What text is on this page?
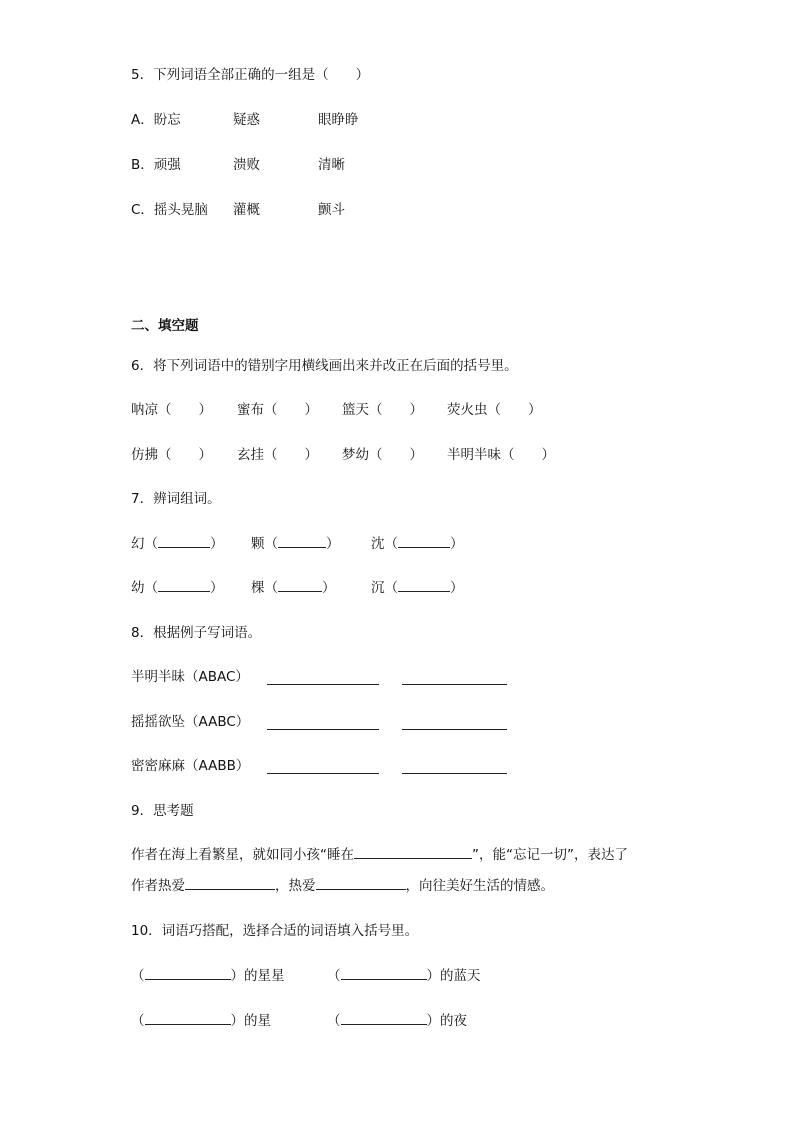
5．下列词语全部正确的一组是（　　）
A．盼忘	疑惑	眼睁睁
B．顽强	溃败	清晰
C．摇头晃脑 灌概	颤斗
二、填空题
6．将下列词语中的错别字用横线画出来并改正在后面的括号里。
呐凉（　　） 蜜布（　　） 篮天（　　） 荧火虫（　　）
仿拂（　　） 玄挂（　　） 梦幼（　　） 半明半味（　　）
7．辨词组词。
幻（	） 颗（	） 沈（	）
幼（	） 棵（	）	沉（	）
8．根据例子写词语。
半明半昧（ABAC）
摇摇欲坠（AABC）
密密麻麻（AABB）
9．思考题
作者在海上看繁星，就如同小孩“睡在	”，能“忘记一切”，表达了
作者热爱	，热爱	，向往美好生活的情感。
10．词语巧搭配，选择合适的词语填入括号里。
（	）的星星	（	）的蓝天
（	）的星	（	）的夜
